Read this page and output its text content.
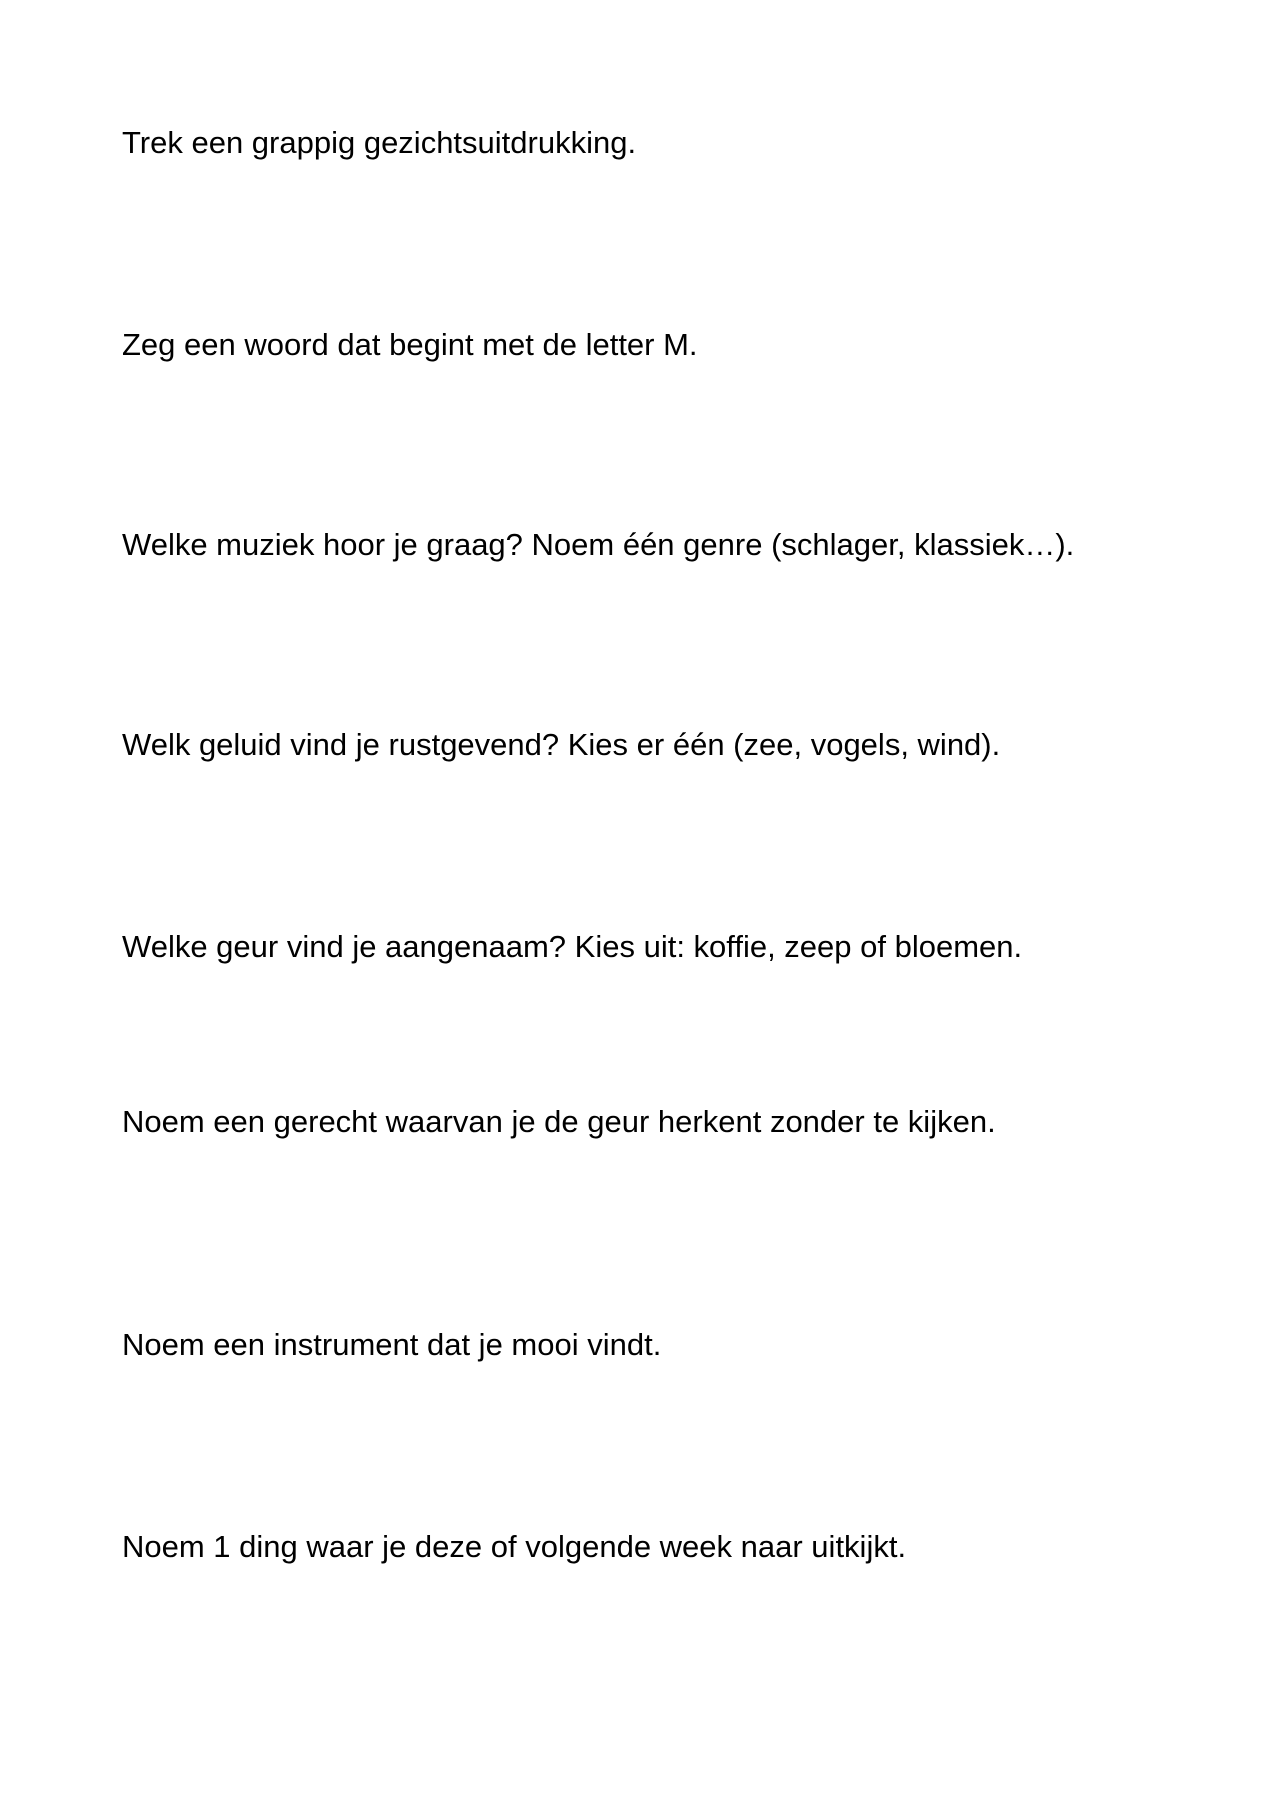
Trek een grappig gezichtsuitdrukking.

Zeg een woord dat begint met de letter M.

Welke muziek hoor je graag? Noem één genre (schlager, klassiek…).

Welk geluid vind je rustgevend? Kies er één (zee, vogels, wind).

Welke geur vind je aangenaam? Kies uit: koffie, zeep of bloemen.

Noem een gerecht waarvan je de geur herkent zonder te kijken.

Noem een instrument dat je mooi vindt.

Noem 1 ding waar je deze of volgende week naar uitkijkt.
